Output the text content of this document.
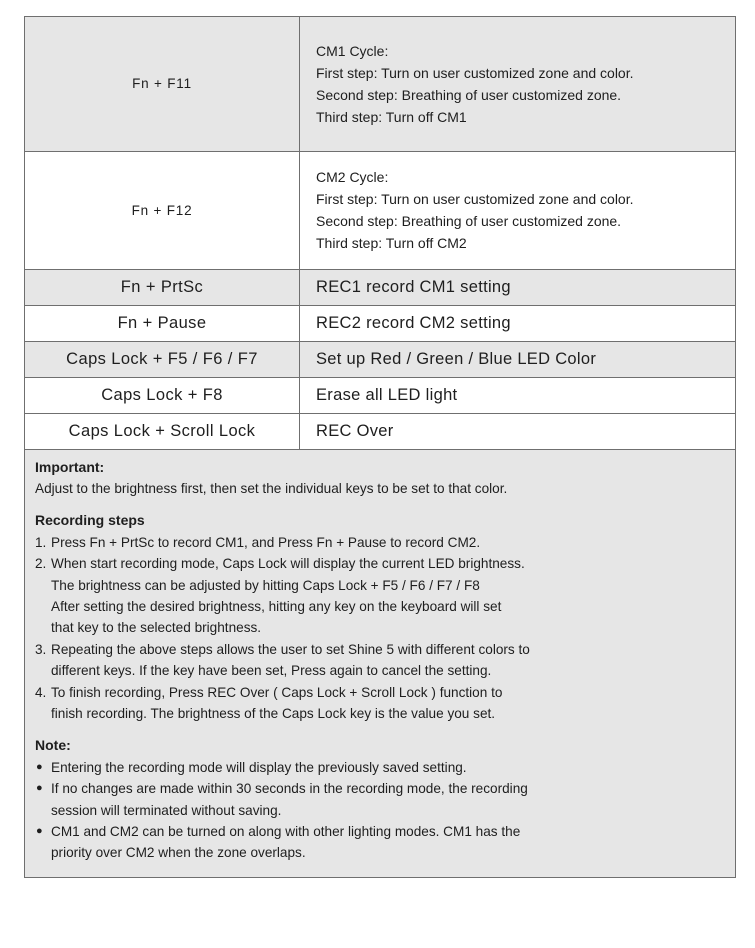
Fn + F11	CM1 Cycle:
First step: Turn on user customized zone and color.
Second step: Breathing of user customized zone.
Third step: Turn off CM1

Fn + F12	CM2 Cycle:
First step: Turn on user customized zone and color.
Second step: Breathing of user customized zone.
Third step: Turn off CM2

Fn + PrtSc	REC1 record CM1 setting
Fn + Pause	REC2 record CM2 setting
Caps Lock + F5 / F6 / F7	Set up Red / Green / Blue LED Color
Caps Lock + F8	Erase all LED light
Caps Lock + Scroll Lock	REC Over
Important:
Adjust to the brightness first, then set the individual keys to be set to that color.
Recording steps
1. Press Fn + PrtSc to record CM1, and Press Fn + Pause to record CM2.
2. When start recording mode, Caps Lock will display the current LED brightness.
The brightness can be adjusted by hitting Caps Lock + F5 / F6 / F7 / F8
After setting the desired brightness, hitting any key on the keyboard will set
that key to the selected brightness.
3. Repeating the above steps allows the user to set Shine 5 with different colors to
different keys. If the key have been set, Press again to cancel the setting.
4. To finish recording, Press REC Over ( Caps Lock + Scroll Lock ) function to
finish recording. The brightness of the Caps Lock key is the value you set.
Note:
● Entering the recording mode will display the previously saved setting.
● If no changes are made within 30 seconds in the recording mode, the recording
session will terminated without saving.
● CM1 and CM2 can be turned on along with other lighting modes. CM1 has the
priority over CM2 when the zone overlaps.
